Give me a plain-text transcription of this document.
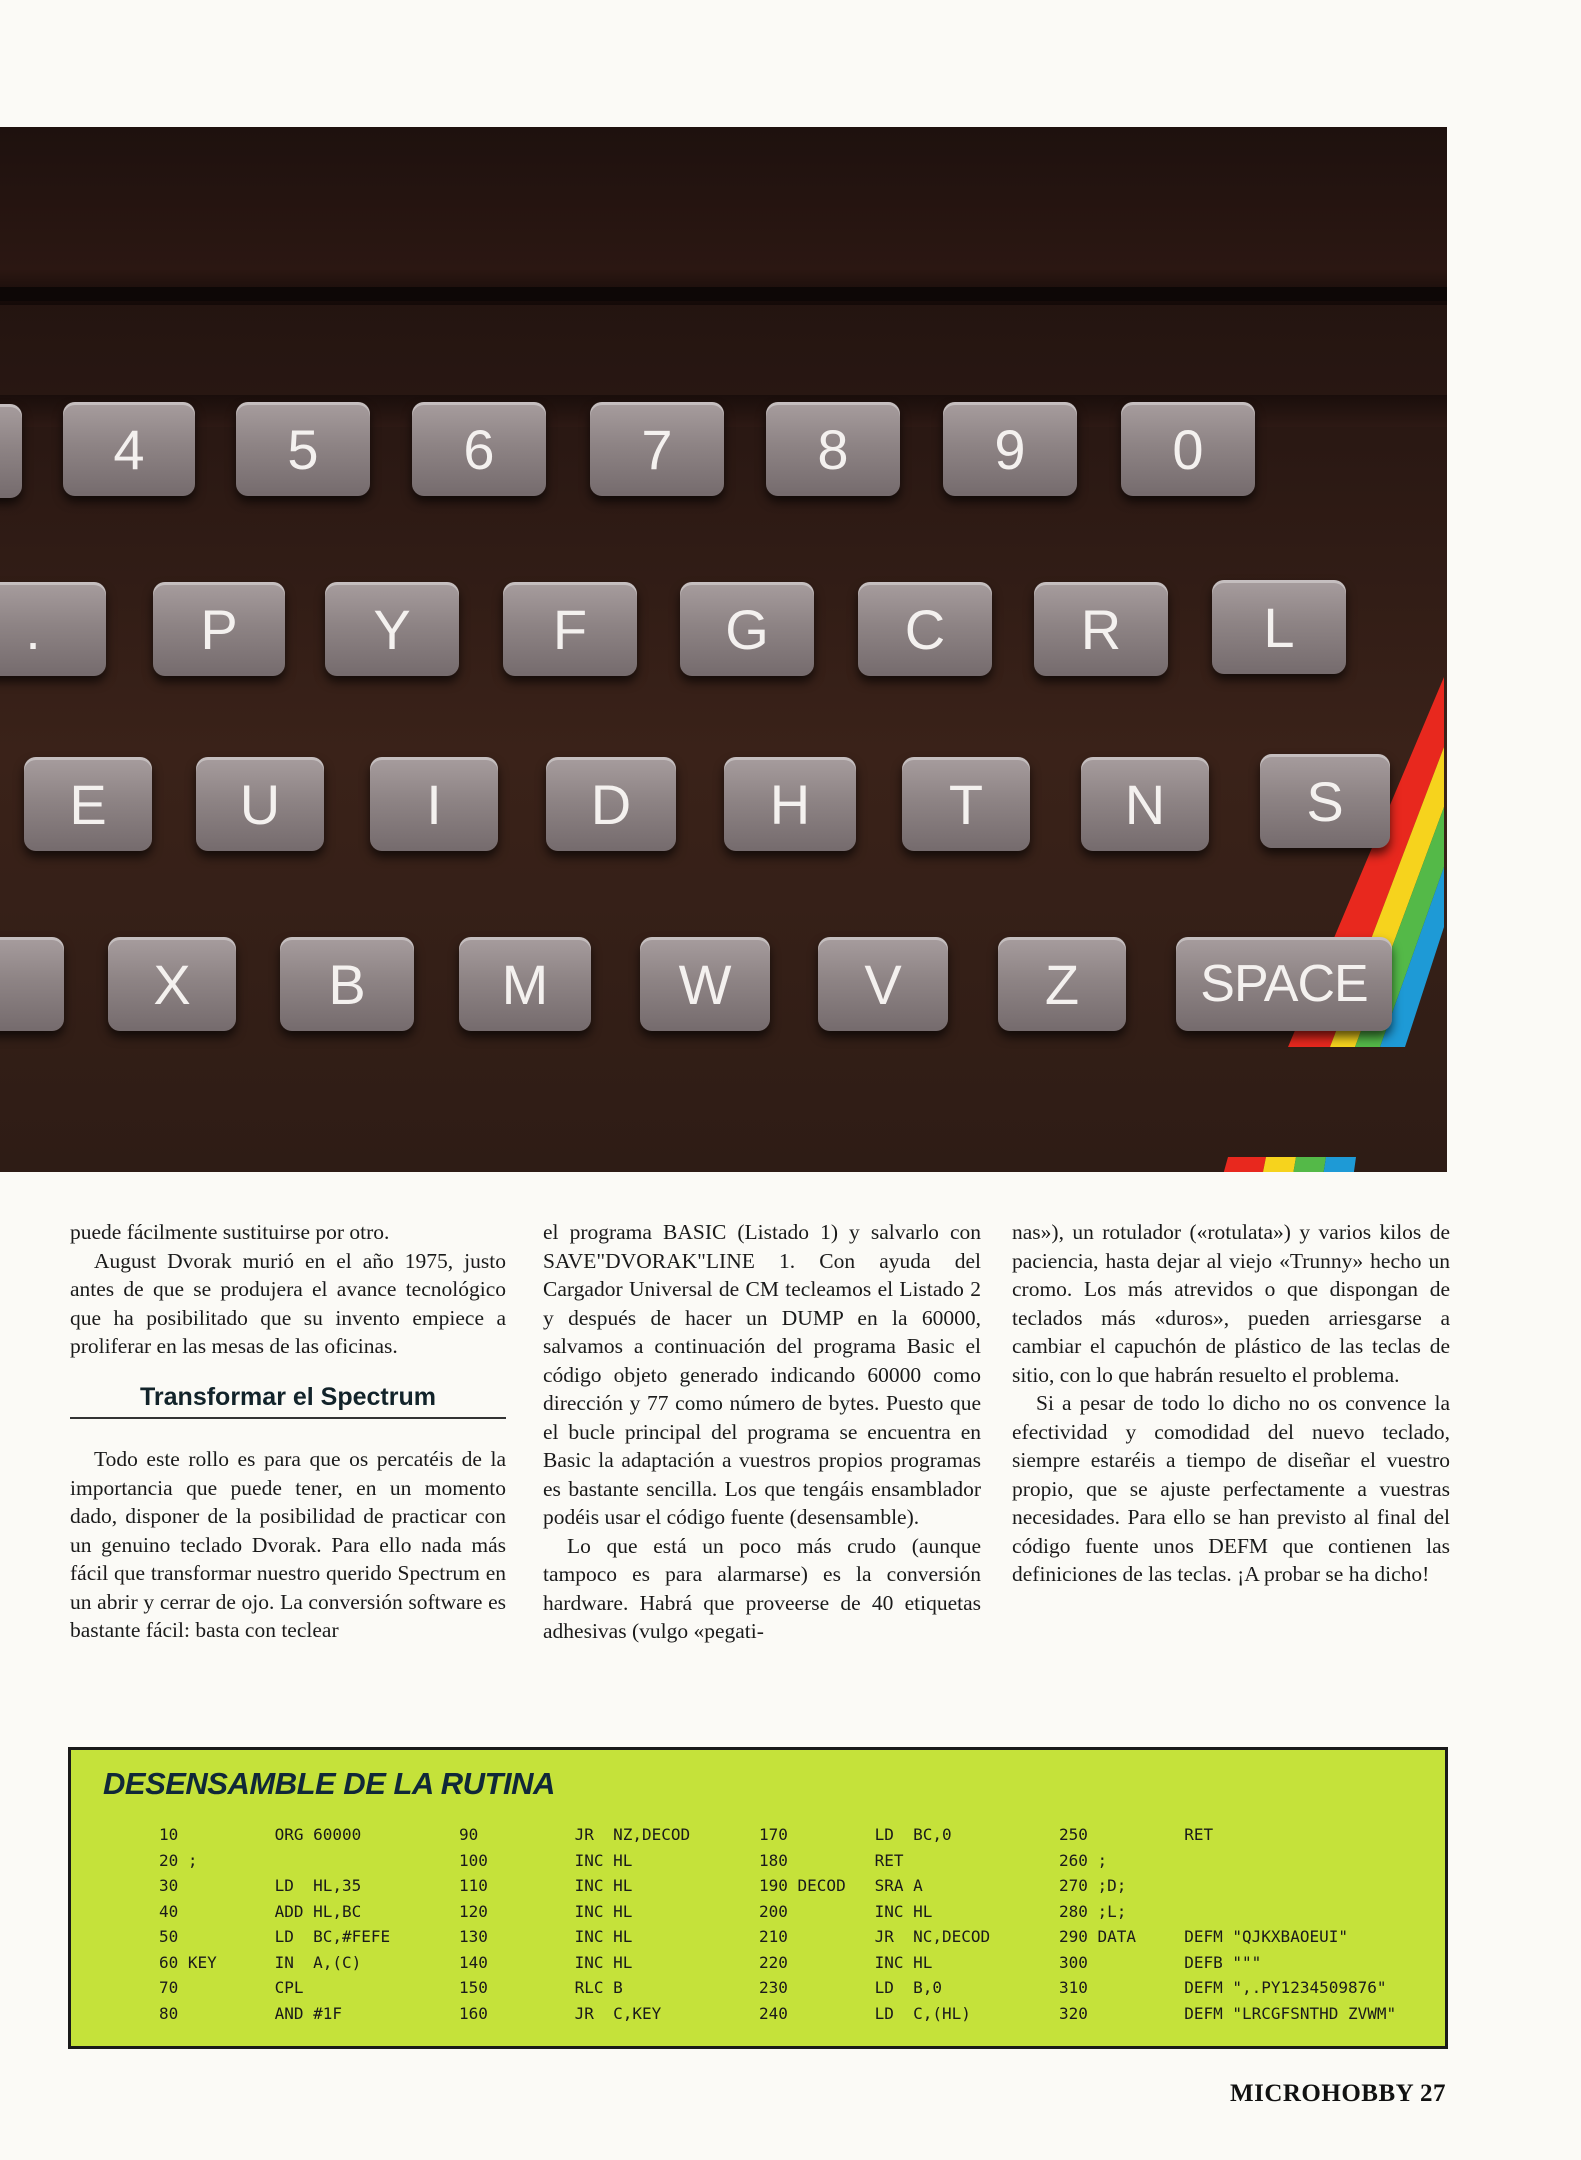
4	5	6	7	8	9	0
.	P	Y	F	G	C	R	L
E	U	I	D	H	T	N	S
X	B	M	W	V	Z	SPACE

puede fácilmente sustituirse por otro.

August Dvorak murió en el año 1975, justo antes de que se produjera el avance tecnológico que ha posibilitado que su invento empiece a proliferar en las mesas de las oficinas.

Transformar el Spectrum

Todo este rollo es para que os percatéis de la importancia que puede tener, en un momento dado, disponer de la posibilidad de practicar con un genuino teclado Dvorak. Para ello nada más fácil que transformar nuestro querido Spectrum en un abrir y cerrar de ojo. La conversión software es bastante fácil: basta con teclear

el programa BASIC (Listado 1) y salvarlo con SAVE"DVORAK"LINE 1. Con ayuda del Cargador Universal de CM tecleamos el Listado 2 y después de hacer un DUMP en la 60000, salvamos a continuación del programa Basic el código objeto generado indicando 60000 como dirección y 77 como número de bytes. Puesto que el bucle principal del programa se encuentra en Basic la adaptación a vuestros propios programas es bastante sencilla. Los que tengáis ensamblador podéis usar el código fuente (desensamble).

Lo que está un poco más crudo (aunque tampoco es para alarmarse) es la conversión hardware. Habrá que proveerse de 40 etiquetas adhesivas (vulgo «pegati-

nas»), un rotulador («rotulata») y varios kilos de paciencia, hasta dejar al viejo «Trunny» hecho un cromo. Los más atrevidos o que dispongan de teclados más «duros», pueden arriesgarse a cambiar el capuchón de plástico de las teclas de sitio, con lo que habrán resuelto el problema.

Si a pesar de todo lo dicho no os convence la efectividad y comodidad del nuevo teclado, siempre estaréis a tiempo de diseñar el vuestro propio, que se ajuste perfectamente a vuestras necesidades. Para ello se han previsto al final del código fuente unos DEFM que contienen las definiciones de las teclas. ¡A probar se ha dicho!

DESENSAMBLE DE LA RUTINA
10          ORG 60000
20 ;
30          LD  HL,35
40          ADD HL,BC
50          LD  BC,#FEFE
60 KEY      IN  A,(C)
70          CPL
80          AND #1F
90          JR  NZ,DECOD
100         INC HL
110         INC HL
120         INC HL
130         INC HL
140         INC HL
150         RLC B
160         JR  C,KEY
170         LD  BC,0
180         RET
190 DECOD   SRA A
200         INC HL
210         JR  NC,DECOD
220         INC HL
230         LD  B,0
240         LD  C,(HL)
250          RET
260 ;
270 ;D;
280 ;L;
290 DATA     DEFM "QJKXBAOEUI"
300          DEFB """
310          DEFM ",.PY1234509876"
320          DEFM "LRCGFSNTHD ZVWM"
MICROHOBBY 27
